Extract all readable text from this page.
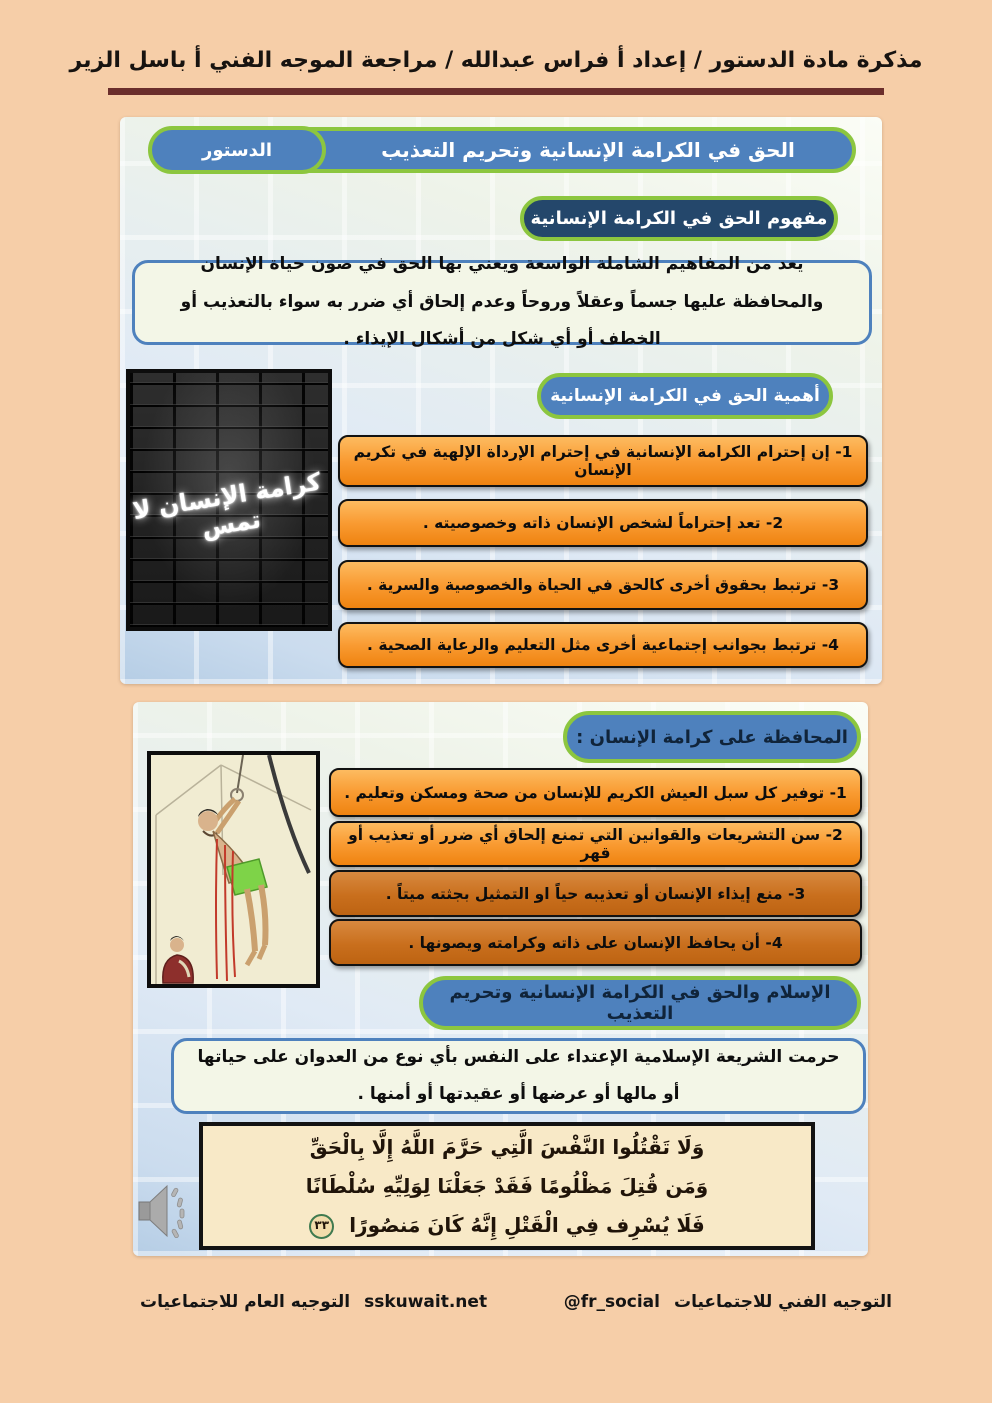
مذكرة مادة الدستور / إعداد أ فراس عبدالله / مراجعة الموجه الفني أ باسل الزير
الحق في الكرامة الإنسانية وتحريم التعذيب
الدستور
مفهوم الحق في الكرامة الإنسانية
يعد من المفاهيم الشاملة الواسعة ويعني بها الحق في صون حياة الإنسان والمحافظة عليها جسماً وعقلاً وروحاً وعدم إلحاق أي ضرر به سواء بالتعذيب أو الخطف أو أي شكل من أشكال الإيذاء .
أهمية الحق في الكرامة الإنسانية
كرامة الإنسان لا تمس
1- إن إحترام الكرامة الإنسانية في إحترام الإرداة الإلهية في تكريم الإنسان
2- تعد إحتراماً لشخص الإنسان ذاته وخصوصيته .
3- ترتبط بحقوق أخرى كالحق في الحياة والخصوصية والسرية .
4- ترتبط بجوانب إجتماعية أخرى مثل التعليم والرعاية الصحية .
المحافظة على كرامة الإنسان :
1- توفير كل سبل العيش الكريم للإنسان من صحة ومسكن وتعليم .
2- سن التشريعات والقوانين التي تمنع إلحاق أي ضرر أو تعذيب أو قهر
3- منع إيذاء الإنسان أو تعذيبه حياً او التمثيل بجثته ميتاً .
4- أن يحافظ الإنسان على ذاته وكرامته ويصونها .
الإسلام والحق في الكرامة الإنسانية وتحريم التعذيب
حرمت الشريعة الإسلامية الإعتداء على النفس بأي نوع من العدوان على حياتها أو مالها أو عرضها أو عقيدتها أو أمنها .
وَلَا تَقْتُلُوا النَّفْسَ الَّتِي حَرَّمَ اللَّهُ إِلَّا بِالْحَقِّ
وَمَن قُتِلَ مَظْلُومًا فَقَدْ جَعَلْنَا لِوَلِيِّهِ سُلْطَانًا
فَلَا يُسْرِف فِي الْقَتْلِ إِنَّهُ كَانَ مَنصُورًا ٣٣
التوجيه الفني للاجتماعيات
@fr_social
sskuwait.net
التوجيه العام للاجتماعيات
